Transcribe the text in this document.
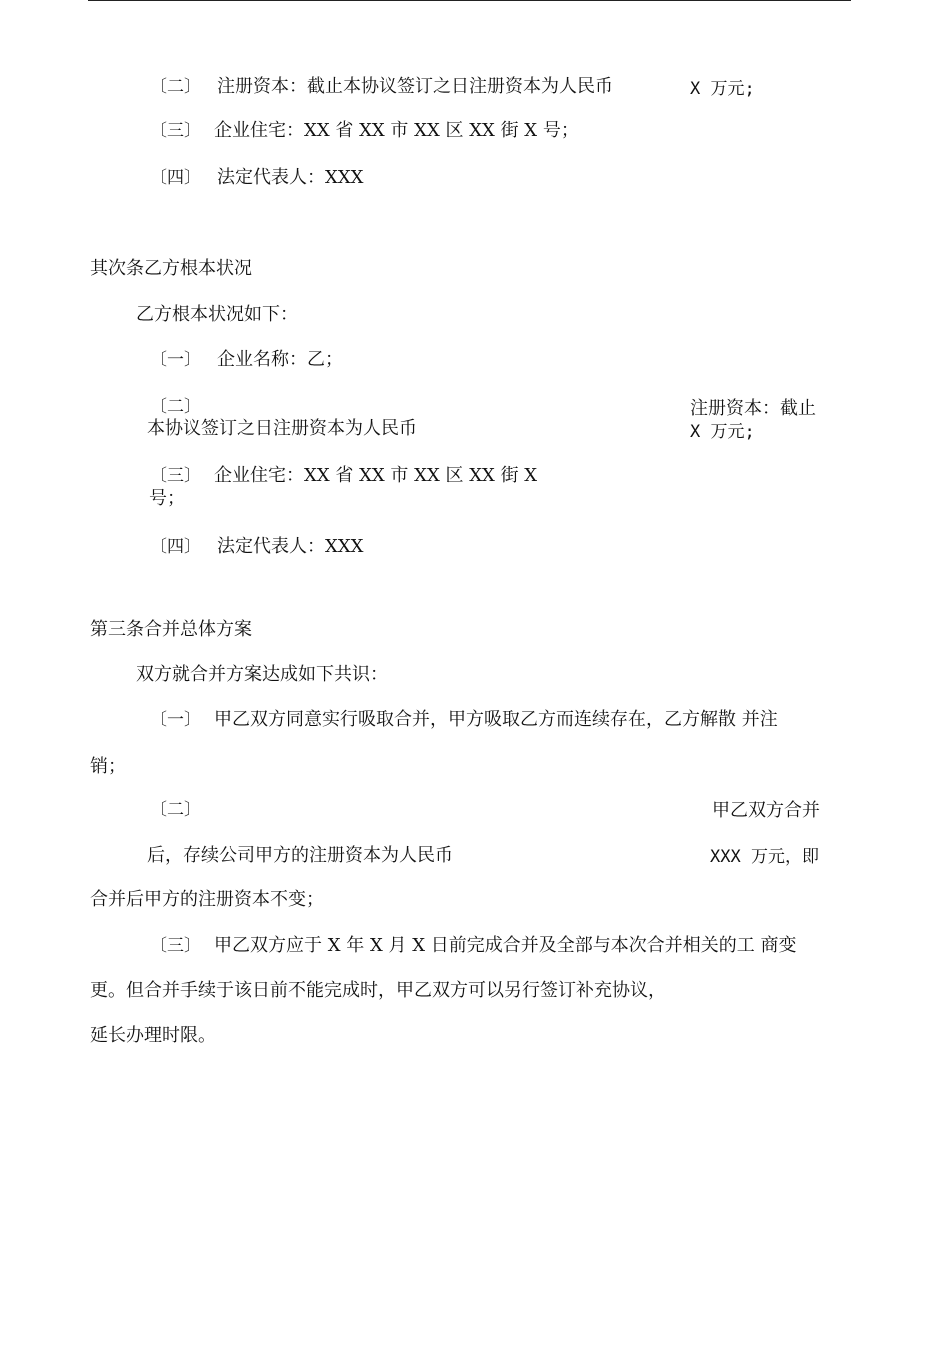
〔二〕 注册资本：截止本协议签订之日注册资本为人民币	X 万元;
〔三〕 企业住宅：XX 省 XX 市 XX 区 XX 街 X 号；
〔四〕 法定代表人：XXX
其次条乙方根本状况
乙方根本状况如下：
〔一〕 企业名称：乙；
〔二〕	注册资本：截止
本协议签订之日注册资本为人民币	X 万元;
〔三〕 企业住宅：XX 省 XX 市 XX 区 XX 街 X
号；
〔四〕 法定代表人：XXX
第三条合并总体方案
双方就合并方案达成如下共识：
〔一〕 甲乙双方同意实行吸取合并，甲方吸取乙方而连续存在，乙方解散 并注
销；
〔二〕	甲乙双方合并
后，存续公司甲方的注册资本为人民币	XXX 万元，即
合并后甲方的注册资本不变；
〔三〕 甲乙双方应于 X 年 X 月 X 日前完成合并及全部与本次合并相关的工 商变
更。但合并手续于该日前不能完成时，甲乙双方可以另行签订补充协议，
延长办理时限。
